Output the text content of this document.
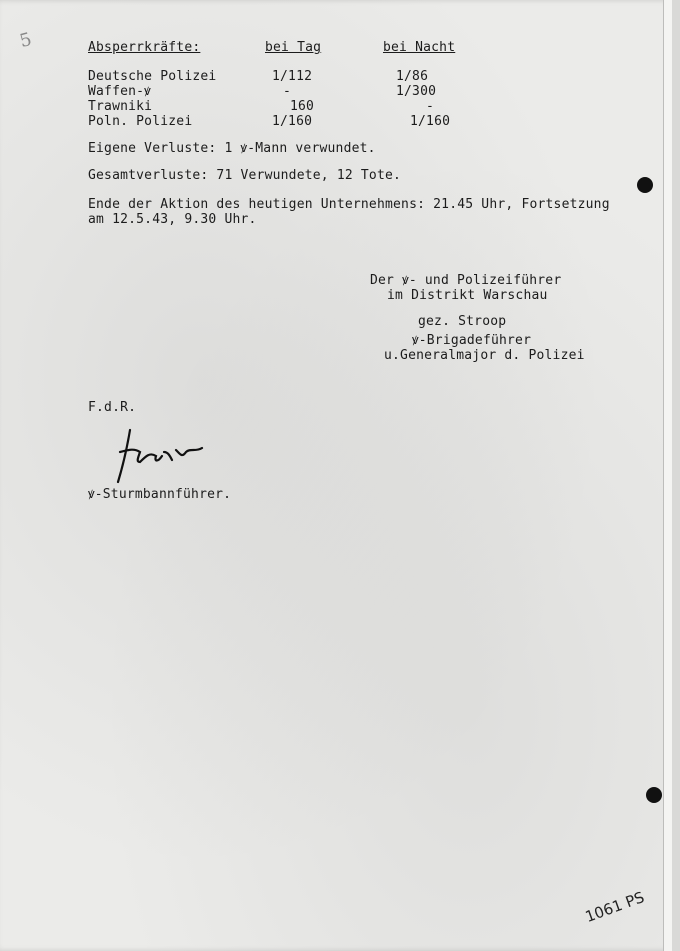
5	Absperrkräfte:	bei Tag	bei Nacht
Deutsche Polizei	1/112	1/86
Waffen-ꝟ	-	1/300
Trawniki	160	-
Poln. Polizei	1/160	1/160
Eigene Verluste: 1 ꝟ-Mann verwundet.
Gesamtverluste: 71 Verwundete, 12 Tote.
Ende der Aktion des heutigen Unternehmens: 21.45 Uhr, Fortsetzung
am 12.5.43, 9.30 Uhr.
Der ꝟ- und Polizeiführer
im Distrikt Warschau
gez. Stroop
ꝟ-Brigadeführer
u.Generalmajor d. Polizei
F.d.R.
ꝟ-Sturmbannführer.
1061 PS
